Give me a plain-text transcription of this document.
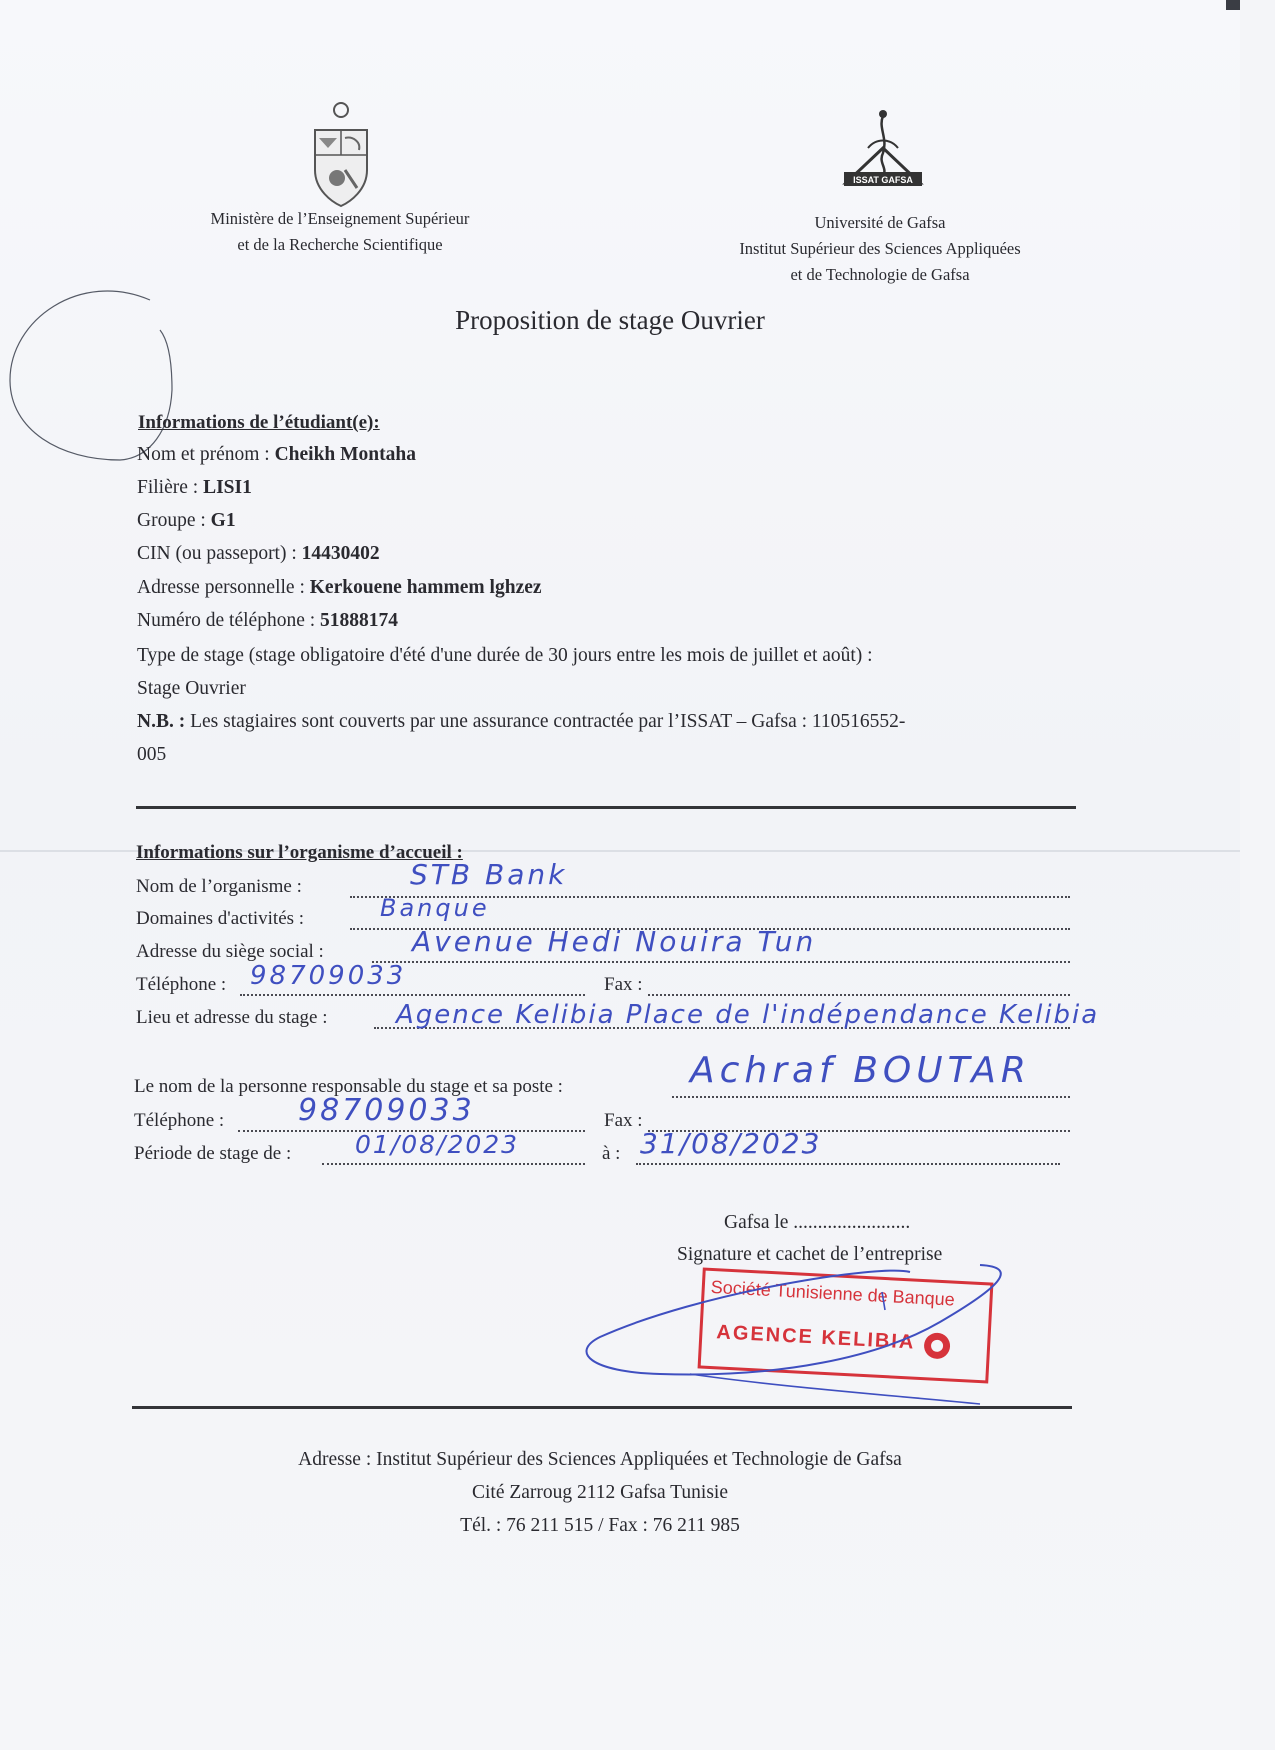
ISSAT GAFSA
Ministère de l’Enseignement Supérieur
et de la Recherche Scientifique
Université de Gafsa
Institut Supérieur des Sciences Appliquées
et de Technologie de Gafsa
Proposition de stage Ouvrier
Informations de l’étudiant(e):
Nom et prénom : Cheikh Montaha
Filière : LISI1
Groupe : G1
CIN (ou passeport) : 14430402
Adresse personnelle : Kerkouene hammem lghzez
Numéro de téléphone : 51888174
Type de stage (stage obligatoire d'été d'une durée de 30 jours entre les mois de juillet et août) :
Stage Ouvrier
N.B. : Les stagiaires sont couverts par une assurance contractée par l’ISSAT – Gafsa : 110516552-
005
Informations sur l’organisme d’accueil :
Nom de l’organisme :	STB Bank
Domaines d'activités :	Banque
Adresse du siège social :	Avenue Hedi Nouira Tun
Téléphone : 98709033	Fax :
Lieu et adresse du stage :	Agence Kelibia Place de l'indépendance Kelibia
Le nom de la personne responsable du stage et sa poste :	Achraf BOUTAR
Téléphone : 98709033	Fax :
Période de stage de :	01/08/2023	à : 31/08/2023
Gafsa le ........................
Signature et cachet de l’entreprise
Société Tunisienne de Banque
AGENCE KELIBIA
Adresse : Institut Supérieur des Sciences Appliquées et Technologie de Gafsa
Cité Zarroug 2112 Gafsa Tunisie
Tél. : 76 211 515 / Fax : 76 211 985
